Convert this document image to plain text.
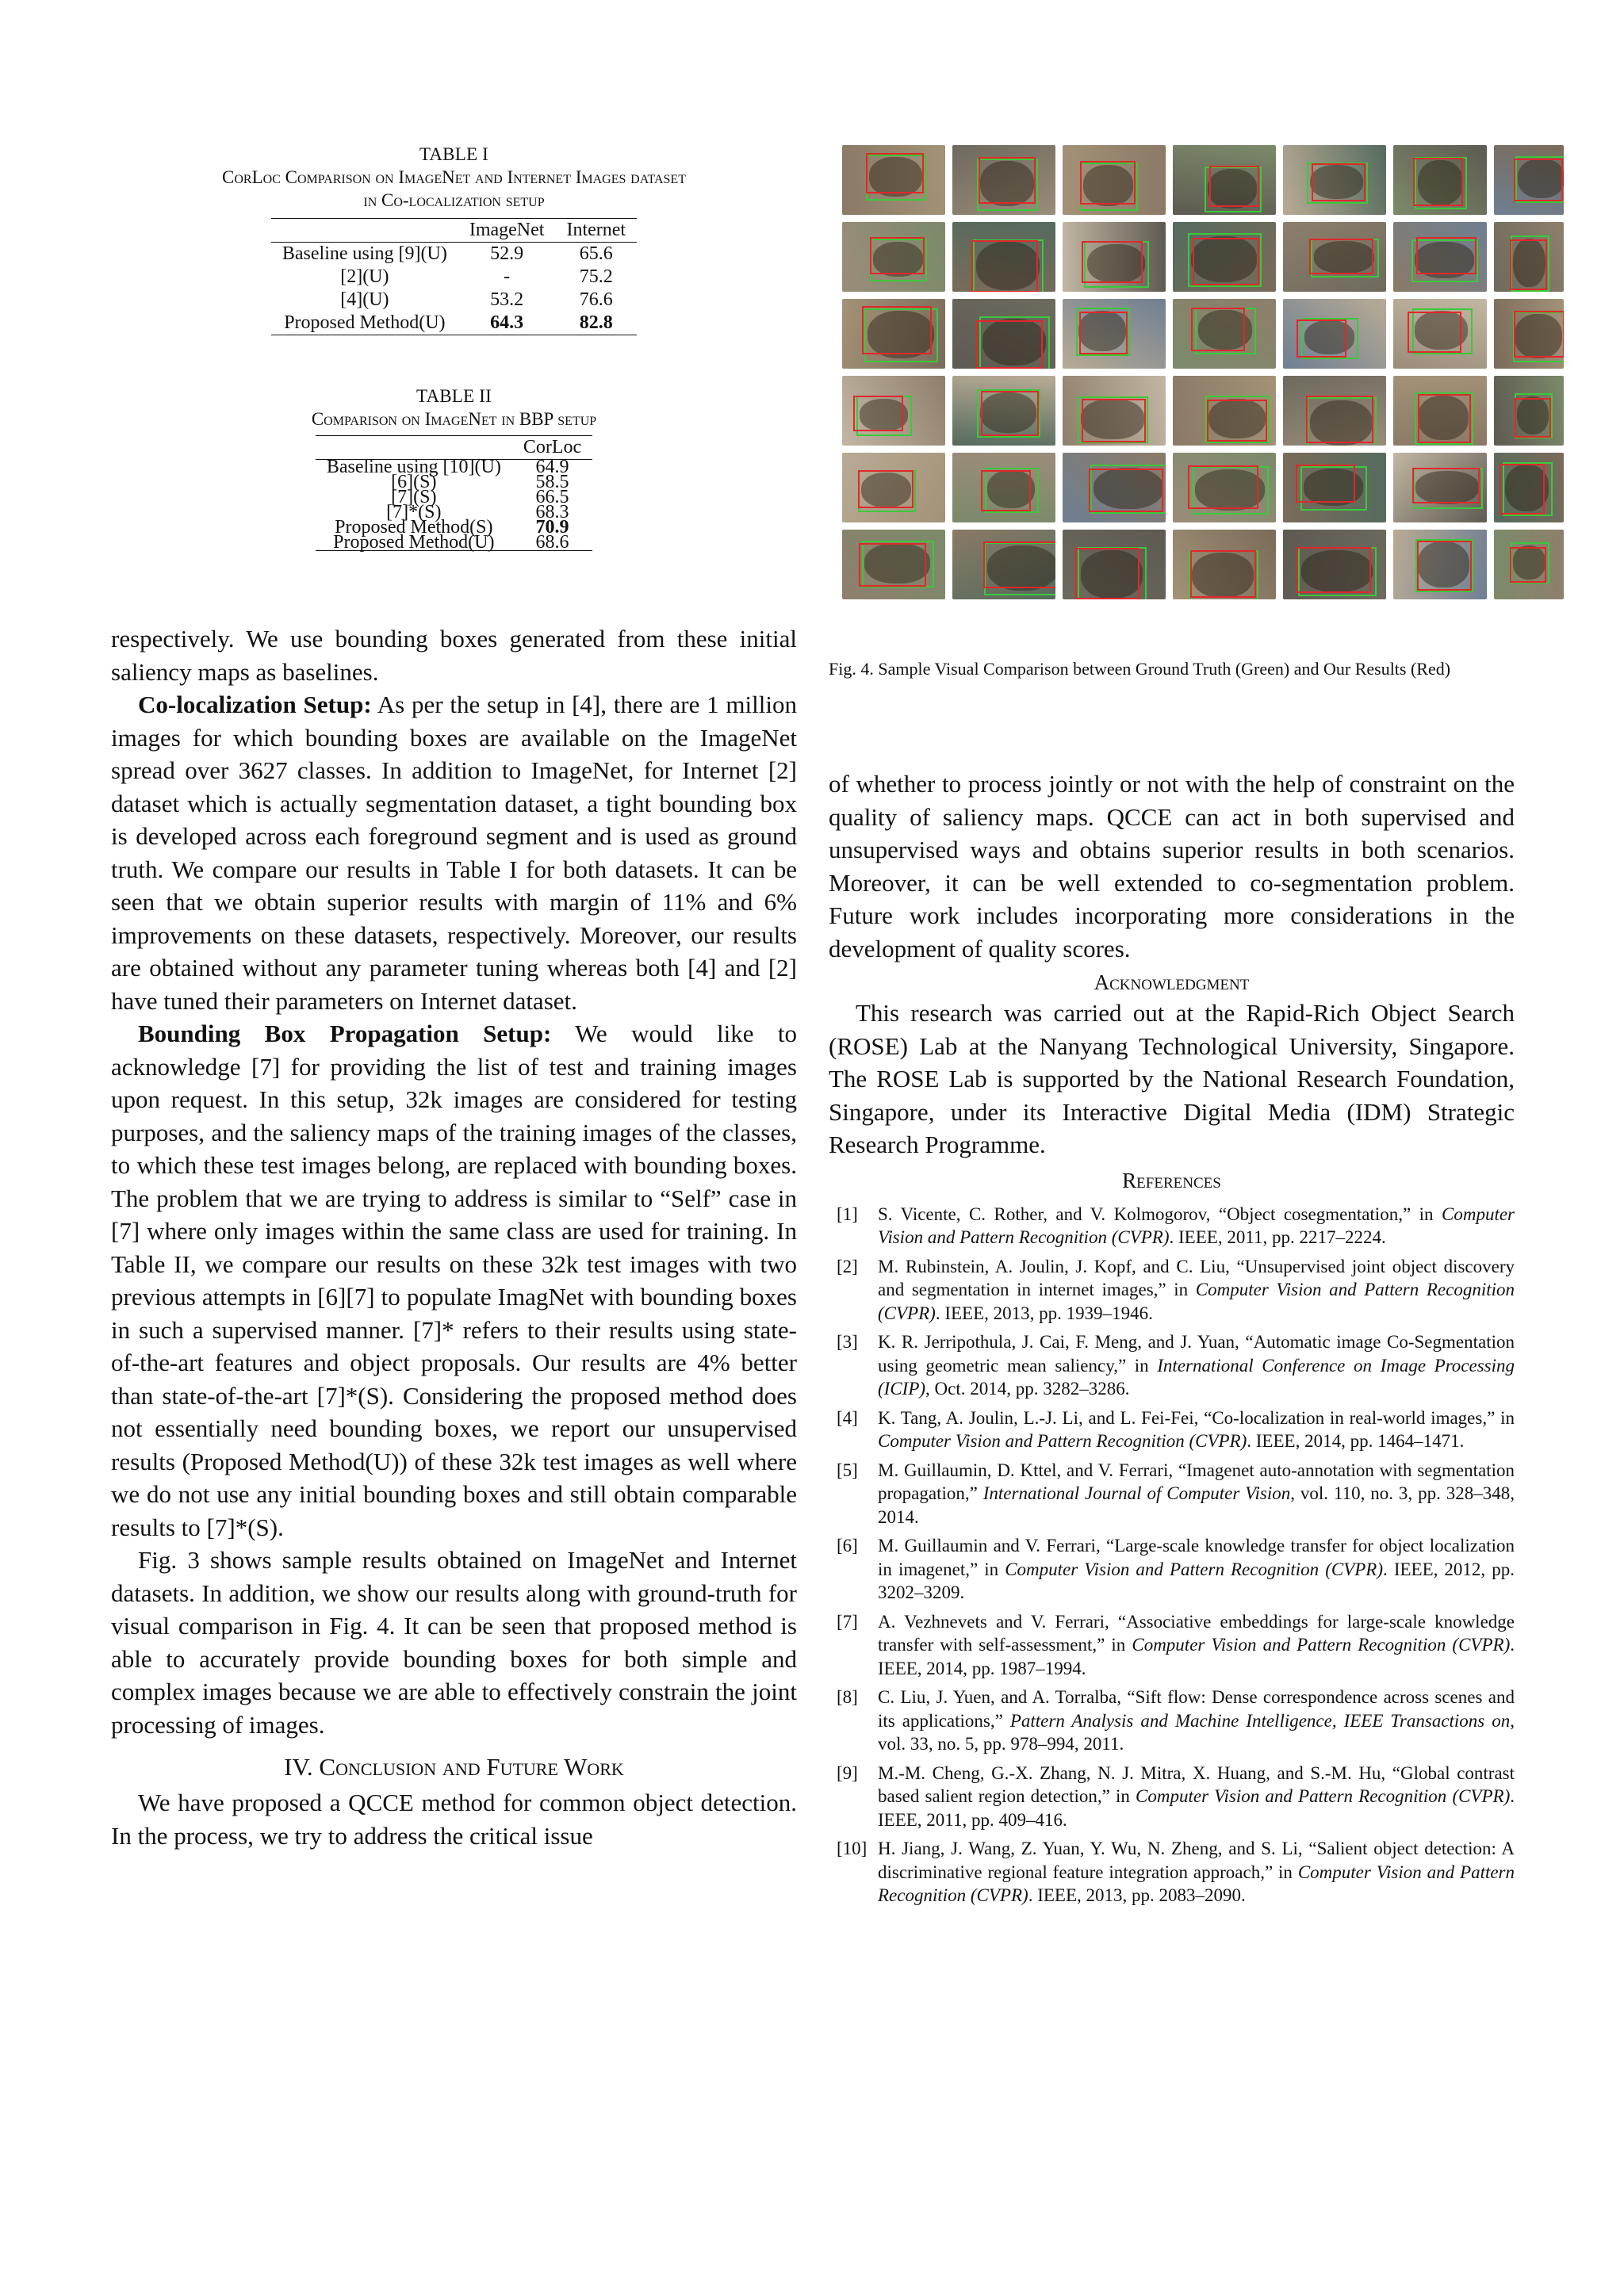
TABLE I
CorLoc Comparison on ImageNet and Internet Images dataset
in Co-localization setup
	ImageNet	Internet
Baseline using [9](U)	52.9	65.6
[2](U)	-	75.2
[4](U)	53.2	76.6
Proposed Method(U)	64.3	82.8
TABLE II
Comparison on ImageNet in BBP setup
	CorLoc
Baseline using [10](U)	64.9
[6](S)	58.5
[7](S)	66.5
[7]*(S)	68.3
Proposed Method(S)	70.9
Proposed Method(U)	68.6

respectively. We use bounding boxes generated from these initial saliency maps as baselines.

Co-localization Setup: As per the setup in [4], there are 1 million images for which bounding boxes are available on the ImageNet spread over 3627 classes. In addition to ImageNet, for Internet [2] dataset which is actually segmentation dataset, a tight bounding box is developed across each foreground segment and is used as ground truth. We compare our results in Table I for both datasets. It can be seen that we obtain superior results with margin of 11% and 6% improvements on these datasets, respectively. Moreover, our results are obtained without any parameter tuning whereas both [4] and [2] have tuned their parameters on Internet dataset.

Bounding Box Propagation Setup: We would like to acknowledge [7] for providing the list of test and training images upon request. In this setup, 32k images are considered for testing purposes, and the saliency maps of the training images of the classes, to which these test images belong, are replaced with bounding boxes. The problem that we are trying to address is similar to “Self” case in [7] where only images within the same class are used for training. In Table II, we compare our results on these 32k test images with two previous attempts in [6][7] to populate ImagNet with bounding boxes in such a supervised manner. [7]* refers to their results using state-of-the-art features and object proposals. Our results are 4% better than state-of-the-art [7]*(S). Considering the proposed method does not essentially need bounding boxes, we report our unsupervised results (Proposed Method(U)) of these 32k test images as well where we do not use any initial bounding boxes and still obtain comparable results to [7]*(S).

Fig. 3 shows sample results obtained on ImageNet and Internet datasets. In addition, we show our results along with ground-truth for visual comparison in Fig. 4. It can be seen that proposed method is able to accurately provide bounding boxes for both simple and complex images because we are able to effectively constrain the joint processing of images.

IV. Conclusion and Future Work

We have proposed a QCCE method for common object detection. In the process, we try to address the critical issue

Fig. 4. Sample Visual Comparison between Ground Truth (Green) and Our Results (Red)

of whether to process jointly or not with the help of constraint on the quality of saliency maps. QCCE can act in both supervised and unsupervised ways and obtains superior results in both scenarios. Moreover, it can be well extended to co-segmentation problem. Future work includes incorporating more considerations in the development of quality scores.

Acknowledgment

This research was carried out at the Rapid-Rich Object Search (ROSE) Lab at the Nanyang Technological University, Singapore. The ROSE Lab is supported by the National Research Foundation, Singapore, under its Interactive Digital Media (IDM) Strategic Research Programme.

References
[1] S. Vicente, C. Rother, and V. Kolmogorov, “Object cosegmentation,” in Computer Vision and Pattern Recognition (CVPR). IEEE, 2011, pp. 2217–2224.
[2] M. Rubinstein, A. Joulin, J. Kopf, and C. Liu, “Unsupervised joint object discovery and segmentation in internet images,” in Computer Vision and Pattern Recognition (CVPR). IEEE, 2013, pp. 1939–1946.
[3] K. R. Jerripothula, J. Cai, F. Meng, and J. Yuan, “Automatic image Co-Segmentation using geometric mean saliency,” in International Conference on Image Processing (ICIP), Oct. 2014, pp. 3282–3286.
[4] K. Tang, A. Joulin, L.-J. Li, and L. Fei-Fei, “Co-localization in real-world images,” in Computer Vision and Pattern Recognition (CVPR). IEEE, 2014, pp. 1464–1471.
[5] M. Guillaumin, D. Kttel, and V. Ferrari, “Imagenet auto-annotation with segmentation propagation,” International Journal of Computer Vision, vol. 110, no. 3, pp. 328–348, 2014.
[6] M. Guillaumin and V. Ferrari, “Large-scale knowledge transfer for object localization in imagenet,” in Computer Vision and Pattern Recognition (CVPR). IEEE, 2012, pp. 3202–3209.
[7] A. Vezhnevets and V. Ferrari, “Associative embeddings for large-scale knowledge transfer with self-assessment,” in Computer Vision and Pattern Recognition (CVPR). IEEE, 2014, pp. 1987–1994.
[8] C. Liu, J. Yuen, and A. Torralba, “Sift flow: Dense correspondence across scenes and its applications,” Pattern Analysis and Machine Intelligence, IEEE Transactions on, vol. 33, no. 5, pp. 978–994, 2011.
[9] M.-M. Cheng, G.-X. Zhang, N. J. Mitra, X. Huang, and S.-M. Hu, “Global contrast based salient region detection,” in Computer Vision and Pattern Recognition (CVPR). IEEE, 2011, pp. 409–416.
[10] H. Jiang, J. Wang, Z. Yuan, Y. Wu, N. Zheng, and S. Li, “Salient object detection: A discriminative regional feature integration approach,” in Computer Vision and Pattern Recognition (CVPR). IEEE, 2013, pp. 2083–2090.
